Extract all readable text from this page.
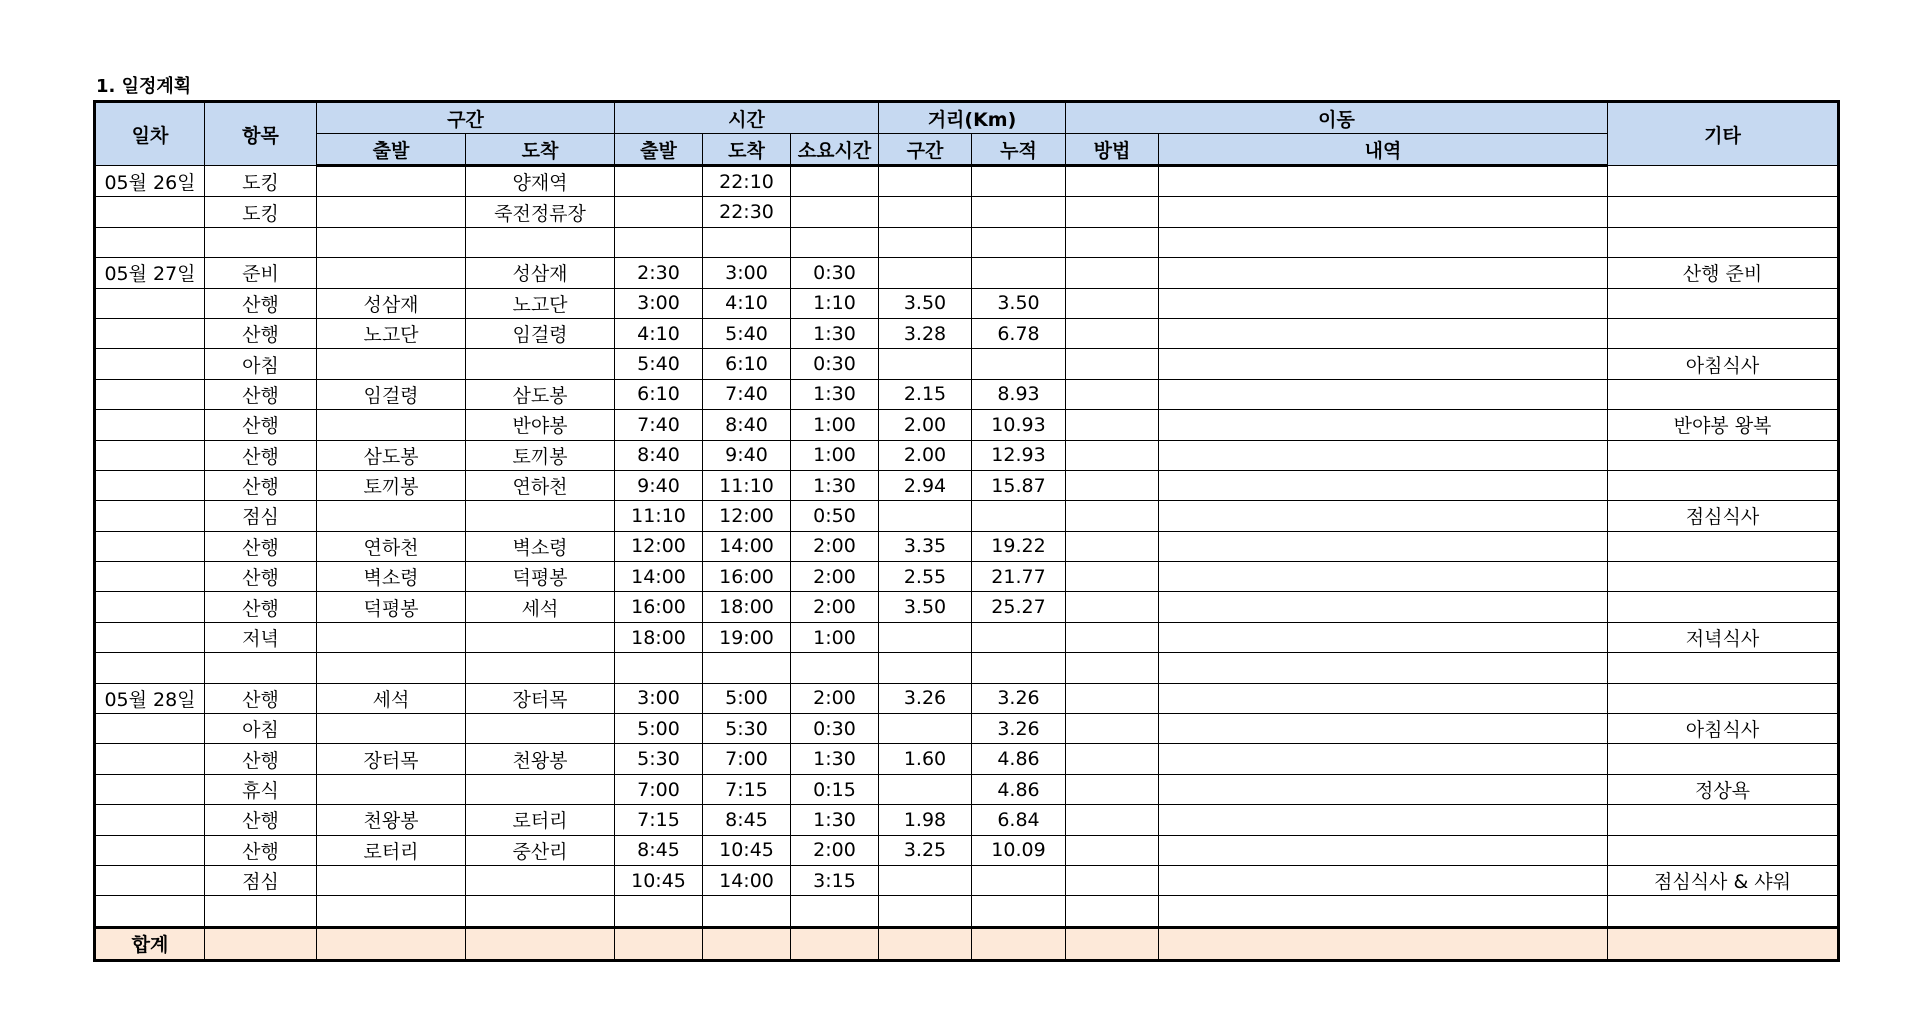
1. 일정계획
일차	항목	구간		시간			거리(Km)		이동		기타
		출발	도착	출발	도착	소요시간	구간	누적	방법	내역	
05월 26일	도킹		양재역		22:10						
	도킹		죽전정류장		22:30						

05월 27일	준비		성삼재	2:30	3:00	0:30					산행 준비
	산행	성삼재	노고단	3:00	4:10	1:10	3.50	3.50			
	산행	노고단	임걸령	4:10	5:40	1:30	3.28	6.78			
	아침			5:40	6:10	0:30					아침식사
	산행	임걸령	삼도봉	6:10	7:40	1:30	2.15	8.93			
	산행		반야봉	7:40	8:40	1:00	2.00	10.93			반야봉 왕복
	산행	삼도봉	토끼봉	8:40	9:40	1:00	2.00	12.93			
	산행	토끼봉	연하천	9:40	11:10	1:30	2.94	15.87			
	점심			11:10	12:00	0:50					점심식사
	산행	연하천	벽소령	12:00	14:00	2:00	3.35	19.22			
	산행	벽소령	덕평봉	14:00	16:00	2:00	2.55	21.77			
	산행	덕평봉	세석	16:00	18:00	2:00	3.50	25.27			
	저녁			18:00	19:00	1:00					저녁식사

05월 28일	산행	세석	장터목	3:00	5:00	2:00	3.26	3.26			
	아침			5:00	5:30	0:30		3.26			아침식사
	산행	장터목	천왕봉	5:30	7:00	1:30	1.60	4.86			
	휴식			7:00	7:15	0:15		4.86			정상욕
	산행	천왕봉	로터리	7:15	8:45	1:30	1.98	6.84			
	산행	로터리	중산리	8:45	10:45	2:00	3.25	10.09			
	점심			10:45	14:00	3:15					점심식사 & 샤워

합계											
